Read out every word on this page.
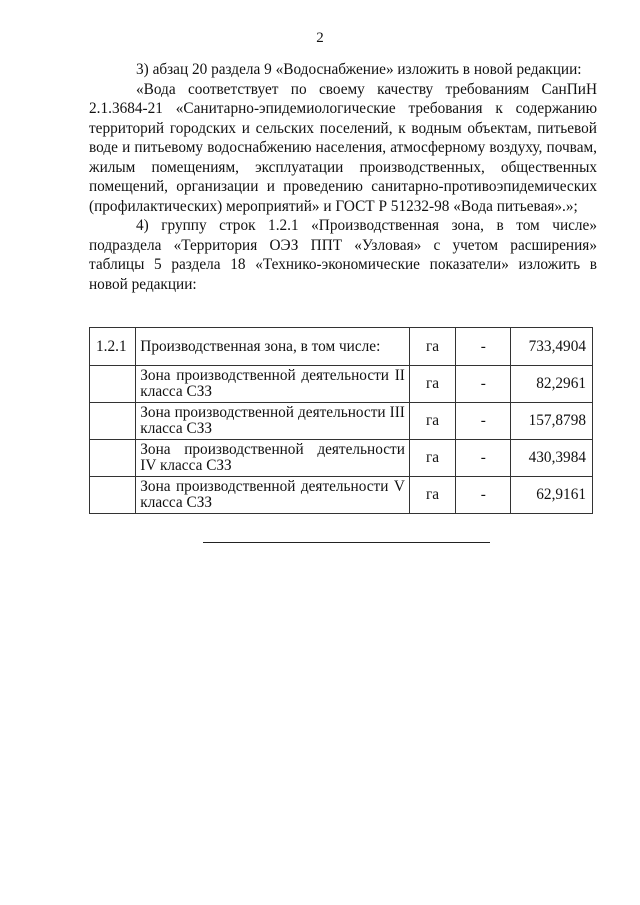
2

3) абзац 20 раздела 9 «Водоснабжение» изложить в новой редакции:

«Вода соответствует по своему качеству требованиям СанПиН 2.1.3684-21 «Санитарно-эпидемиологические требования к содержанию территорий городских и сельских поселений, к водным объектам, питьевой воде и питьевому водоснабжению населения, атмосферному воздуху, почвам, жилым помещениям, эксплуатации производственных, общественных помещений, организации и проведению санитарно-противоэпидемических (профилактических) мероприятий» и ГОСТ Р 51232-98 «Вода питьевая».»;

4) группу строк 1.2.1 «Производственная зона, в том числе» подраздела «Территория ОЭЗ ППТ «Узловая» с учетом расширения» таблицы 5 раздела 18 «Технико-экономические показатели» изложить в новой редакции:

1.2.1	Производственная зона, в том числе:	га	-	733,4904
	Зона производственной деятельности II класса СЗЗ	га	-	82,2961
	Зона производственной деятельности III класса СЗЗ	га	-	157,8798
	Зона производственной деятельности IV класса СЗЗ	га	-	430,3984
	Зона производственной деятельности V класса СЗЗ	га	-	62,9161
